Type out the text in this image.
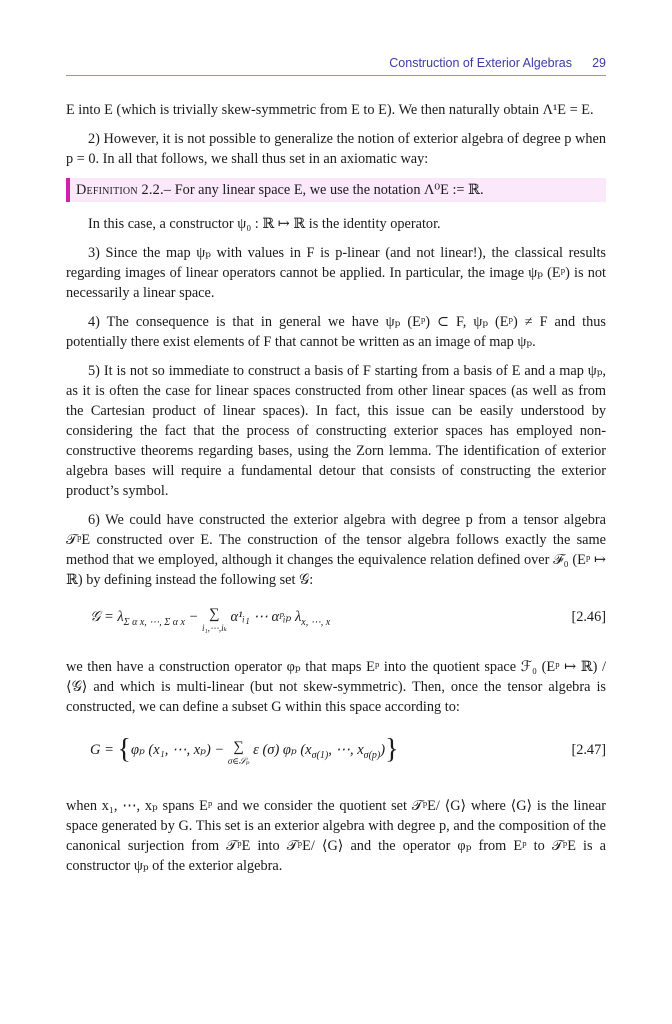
Construction of Exterior Algebras 29

E into E (which is trivially skew-symmetric from E to E). We then naturally obtain Λ¹E = E.

2) However, it is not possible to generalize the notion of exterior algebra of degree p when p = 0. In all that follows, we shall thus set in an axiomatic way:

Definition 2.2.– For any linear space E, we use the notation Λ⁰E := ℝ.

In this case, a constructor ψ₀ : ℝ ↦ ℝ is the identity operator.

3) Since the map ψₚ with values in F is p-linear (and not linear!), the classical results regarding images of linear operators cannot be applied. In particular, the image ψₚ (Eᵖ) is not necessarily a linear space.

4) The consequence is that in general we have ψₚ (Eᵖ) ⊂ F, ψₚ (Eᵖ) ≠ F and thus potentially there exist elements of F that cannot be written as an image of map ψₚ.

5) It is not so immediate to construct a basis of F starting from a basis of E and a map ψₚ, as it is often the case for linear spaces constructed from other linear spaces (as well as from the Cartesian product of linear spaces). In fact, this issue can be easily understood by considering the fact that the process of constructing exterior spaces has employed non-constructive theorems regarding bases, using the Zorn lemma. The identification of exterior algebra bases will require a fundamental detour that consists of constructing the exterior product’s symbol.

6) We could have constructed the exterior algebra with degree p from a tensor algebra 𝒯ᵖE constructed over E. The construction of the tensor algebra follows exactly the same method that we employed, although it changes the equivalence relation defined over ℱ₀ (Eᵖ ↦ ℝ) by defining instead the following set 𝒢:

𝒢 = $\lambda_{\Sigma \alpha x, \cdots, \Sigma \alpha x}$ − ∑
i₁,⋯,iₖ
α¹ᵢ₁ ⋯ αᵖᵢₚ $\lambda_{x, \cdots, x}$	[2.46]

we then have a construction operator φₚ that maps Eᵖ into the quotient space ℱ₀ (Eᵖ ↦ ℝ) / ⟨𝒢⟩ and which is multi-linear (but not skew-symmetric). Then, once the tensor algebra is constructed, we can define a subset G within this space according to:

G = {φₚ (x₁, ⋯, xₚ) − ∑
σ∈𝒮ₚ
ε (σ) φₚ ($x_{\sigma(1)}$, ⋯, $x_{\sigma(p)}$)}	[2.47]

when x₁, ⋯, xₚ spans Eᵖ and we consider the quotient set 𝒯ᵖE/ ⟨G⟩ where ⟨G⟩ is the linear space generated by G. This set is an exterior algebra with degree p, and the composition of the canonical surjection from 𝒯ᵖE into 𝒯ᵖE/ ⟨G⟩ and the operator φₚ from Eᵖ to 𝒯ᵖE is a constructor ψₚ of the exterior algebra.
